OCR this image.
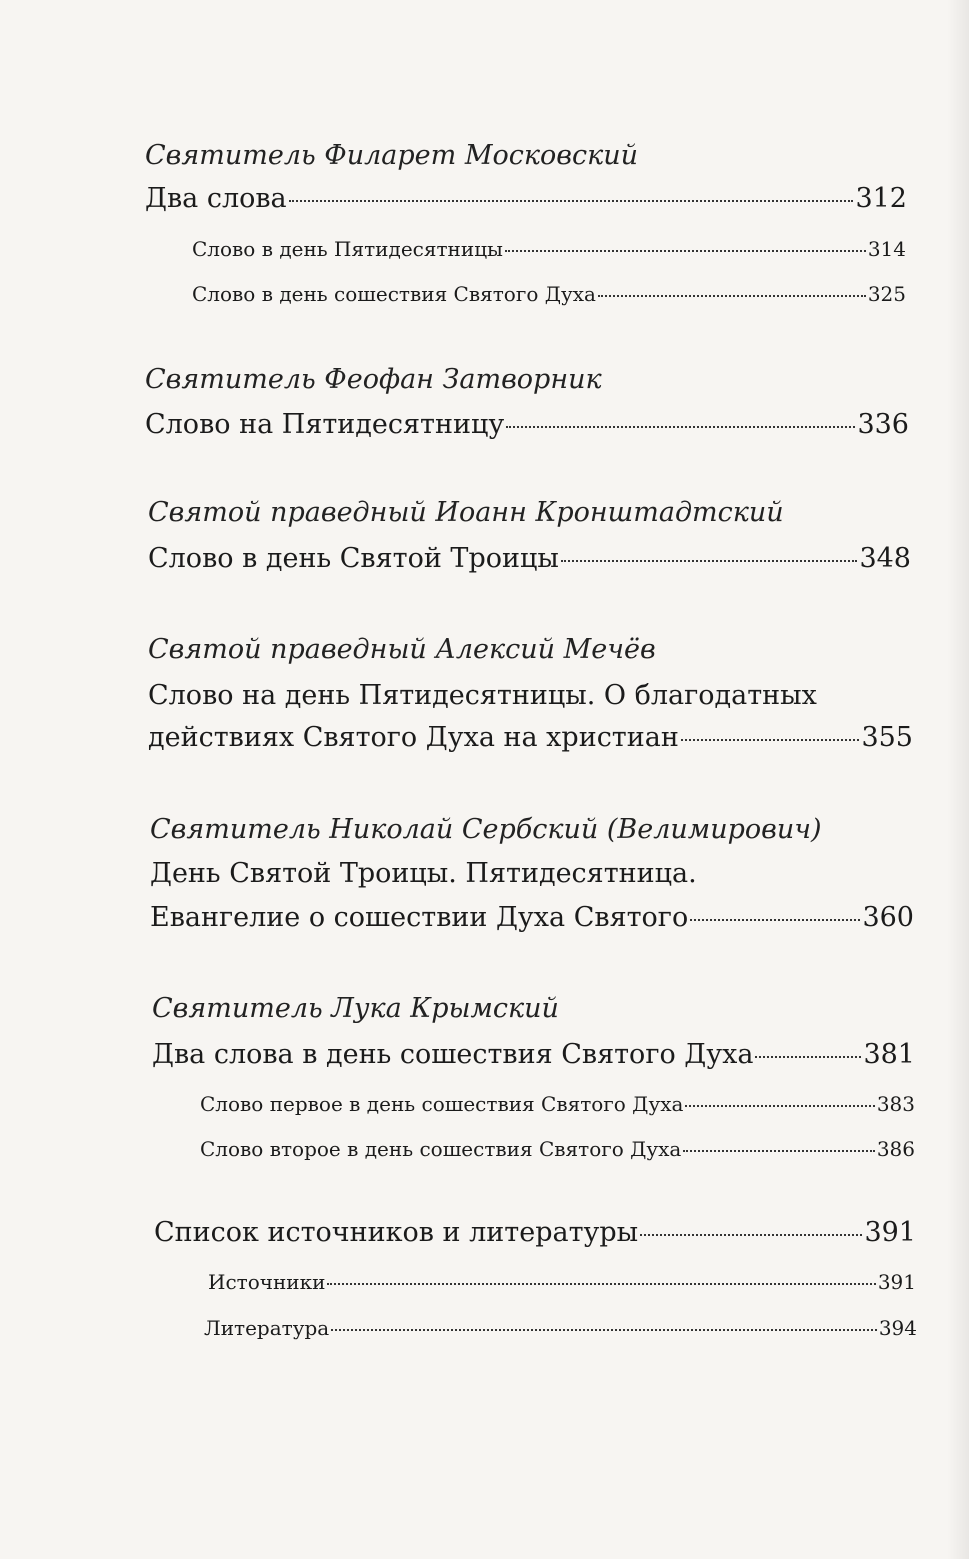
Святитель Филарет Московский
Два слова	312
Слово в день Пятидесятницы	314
Слово в день сошествия Святого Духа	325
Святитель Феофан Затворник
Слово на Пятидесятницу	336
Святой праведный Иоанн Кронштадтский
Слово в день Святой Троицы	348
Святой праведный Алексий Мечёв
Слово на день Пятидесятницы. О благодатных
действиях Святого Духа на христиан	355
Святитель Николай Сербский (Велимирович)
День Святой Троицы. Пятидесятница.
Евангелие о сошествии Духа Святого	360
Святитель Лука Крымский
Два слова в день сошествия Святого Духа	381
Слово первое в день сошествия Святого Духа	383
Слово второе в день сошествия Святого Духа	386
Список источников и литературы	391
Источники	391
Литература	394
